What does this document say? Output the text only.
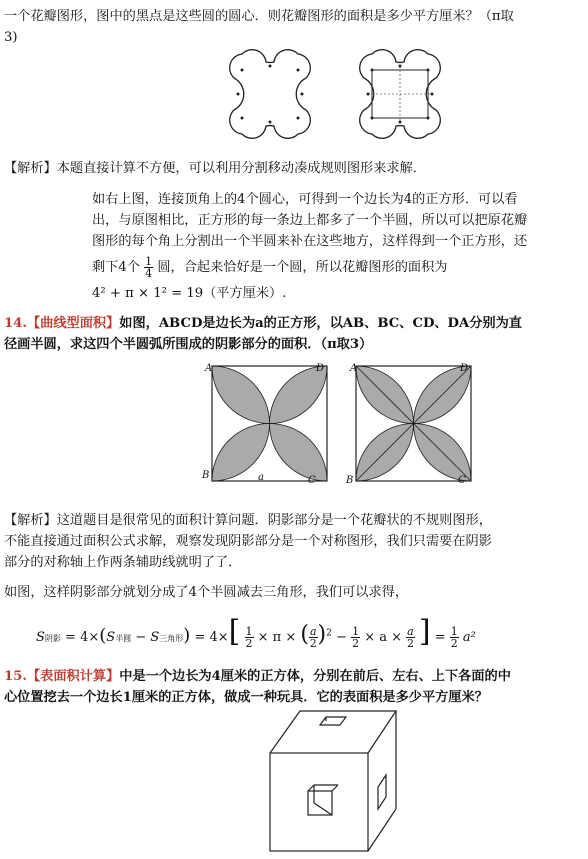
一个花瓣图形，图中的黑点是这些圆的圆心．则花瓣图形的面积是多少平方厘米？（π取
3)
【解析】本题直接计算不方便，可以利用分割移动凑成规则图形来求解．
如右上图，连接顶角上的4个圆心，可得到一个边长为4的正方形．可以看
出，与原图相比，正方形的每一条边上都多了一个半圆，所以可以把原花瓣
图形的每个角上分割出一个半圆来补在这些地方，这样得到一个正方形，还
剩下4个 $\frac{1}{4}$ 圆，合起来恰好是一个圆，所以花瓣图形的面积为
4² + π × 1² = 19（平方厘米）.
14.【曲线型面积】如图，ABCD是边长为a的正方形，以AB、BC、CD、DA分别为直
径画半圆，求这四个半圆弧所围成的阴影部分的面积．（π取3）
A	D
B	C
a
A	D
B	C
【解析】这道题目是很常见的面积计算问题．阴影部分是一个花瓣状的不规则图形，
不能直接通过面积公式求解，观察发现阴影部分是一个对称图形，我们只需要在阴影
部分的对称轴上作两条辅助线就明了了．
如图，这样阴影部分就划分成了4个半圆减去三角形，我们可以求得，
S阴影 = 4×(S半圆 − S三角形) = $4\times[ \frac{1}{2} \times \pi$ × ( $\frac{a}{2} )^2 - \frac{1}{2} \times a \times \frac{a}{2}$ ] = $\frac{1}{2} a^2$
15.【表面积计算】中是一个边长为4厘米的正方体，分别在前后、左右、上下各面的中
心位置挖去一个边长1厘米的正方体，做成一种玩具．它的表面积是多少平方厘米？
